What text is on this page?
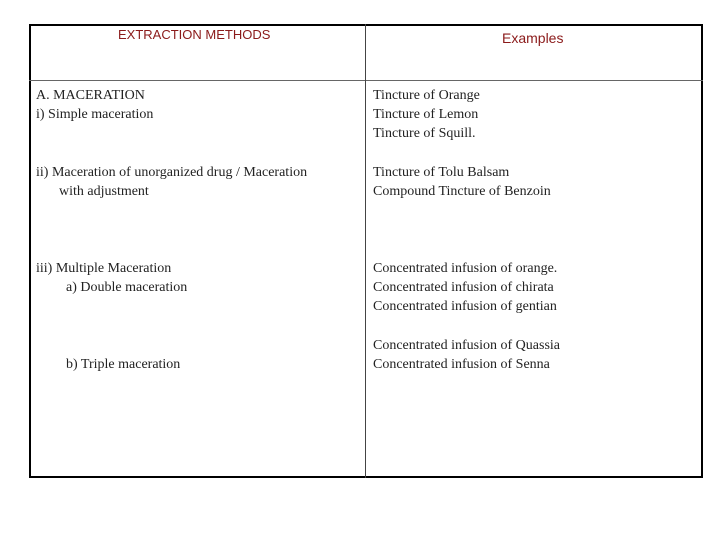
EXTRACTION METHODS	Examples
A. MACERATION
i) Simple maceration
Tincture of Orange
Tincture of Lemon
Tincture of Squill.
ii) Maceration of unorganized drug / Maceration
with adjustment
Tincture of Tolu Balsam
Compound Tincture of Benzoin
iii) Multiple Maceration
a) Double maceration
Concentrated infusion of orange.
Concentrated infusion of chirata
Concentrated infusion of gentian
b) Triple maceration
Concentrated infusion of Quassia
Concentrated infusion of Senna
